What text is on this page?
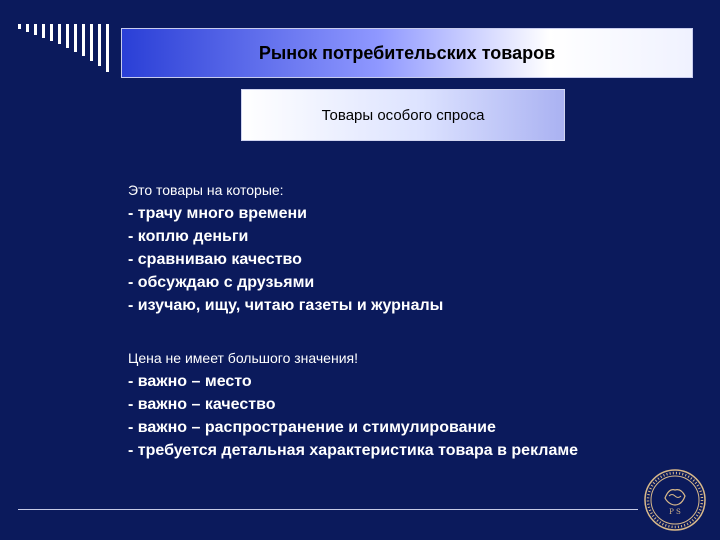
Рынок потребительских товаров
Товары особого спроса

Это товары на которые:

- трачу много времени

- коплю деньги

- сравниваю качество

- обсуждаю с друзьями

- изучаю, ищу, читаю газеты и журналы

Цена не имеет большого значения!

- важно – место

- важно – качество

- важно – распространение и стимулирование

- требуется детальная характеристика товара в рекламе

P S
